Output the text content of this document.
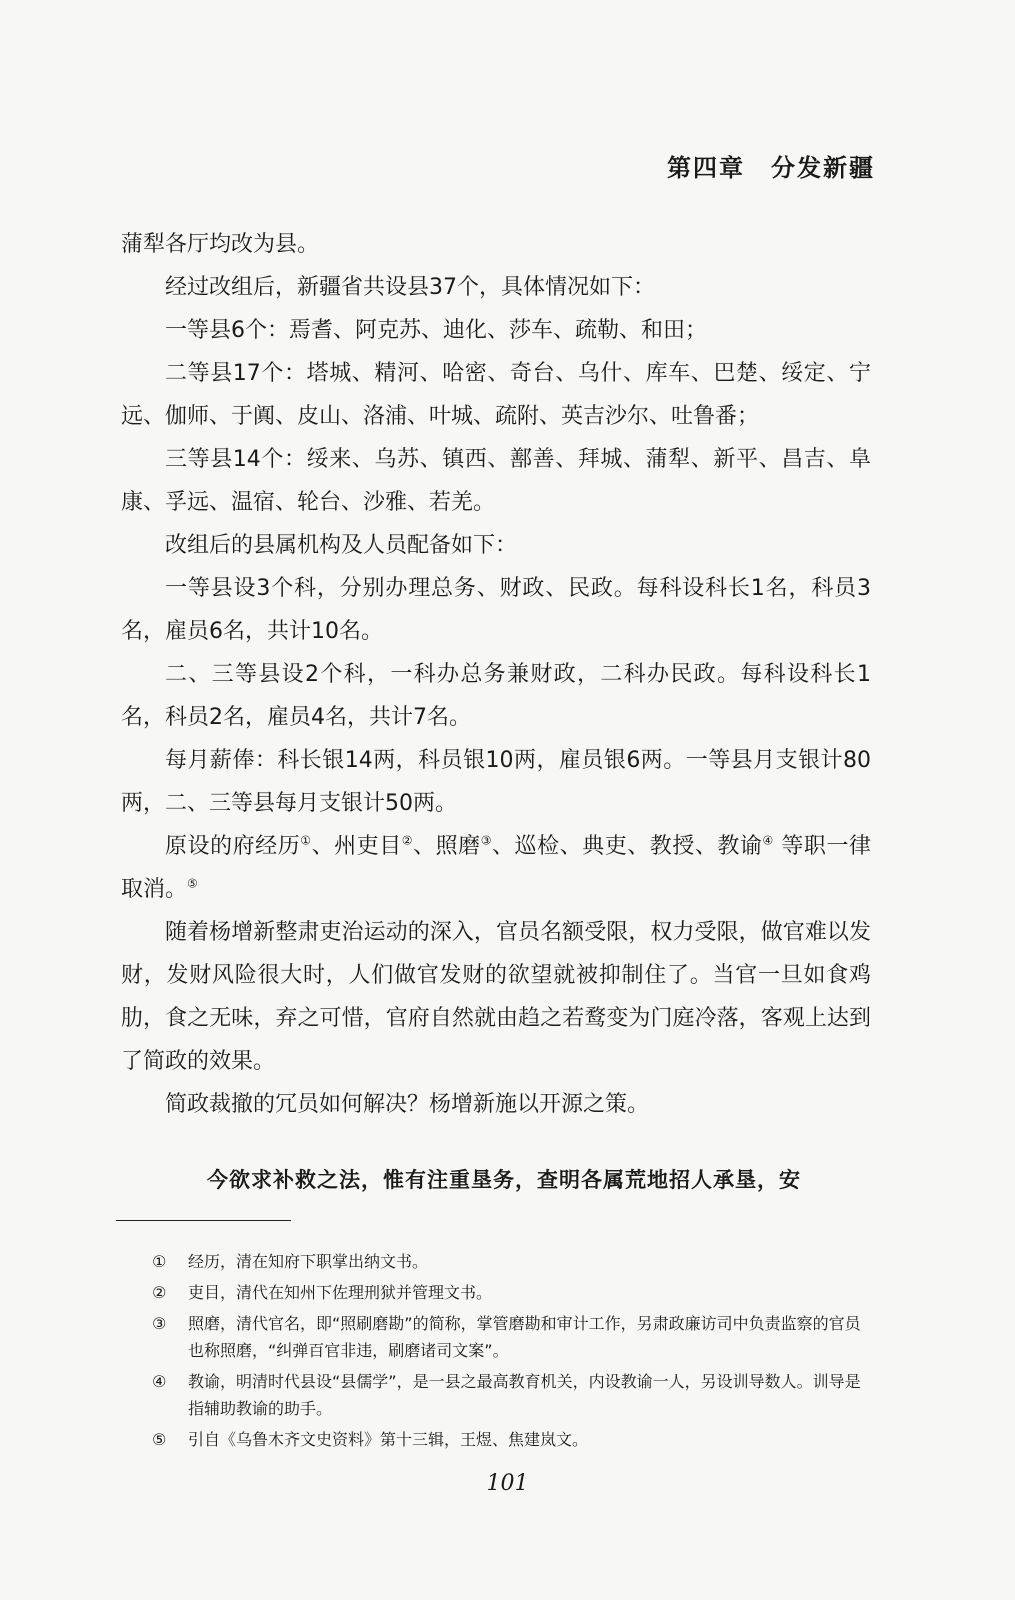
第四章 分发新疆

蒲犁各厅均改为县。

经过改组后，新疆省共设县37个，具体情况如下：

一等县6个：焉耆、阿克苏、迪化、莎车、疏勒、和田；

二等县17个：塔城、精河、哈密、奇台、乌什、库车、巴楚、绥定、宁远、伽师、于阗、皮山、洛浦、叶城、疏附、英吉沙尔、吐鲁番；

三等县14个：绥来、乌苏、镇西、鄯善、拜城、蒲犁、新平、昌吉、阜康、孚远、温宿、轮台、沙雅、若羌。

改组后的县属机构及人员配备如下：

一等县设3个科，分别办理总务、财政、民政。每科设科长1名，科员3名，雇员6名，共计10名。

二、三等县设2个科，一科办总务兼财政，二科办民政。每科设科长1名，科员2名，雇员4名，共计7名。

每月薪俸：科长银14两，科员银10两，雇员银6两。一等县月支银计80两，二、三等县每月支银计50两。

原设的府经历①、州吏目②、照磨③、巡检、典吏、教授、教谕④ 等职一律取消。⑤

随着杨增新整肃吏治运动的深入，官员名额受限，权力受限，做官难以发财，发财风险很大时，人们做官发财的欲望就被抑制住了。当官一旦如食鸡肋，食之无味，弃之可惜，官府自然就由趋之若鹜变为门庭冷落，客观上达到了简政的效果。

简政裁撤的冗员如何解决？杨增新施以开源之策。

今欲求补救之法，惟有注重垦务，查明各属荒地招人承垦，安
①	经历，清在知府下职掌出纳文书。
②	吏目，清代在知州下佐理刑狱并管理文书。
③	照磨，清代官名，即“照刷磨勘”的简称，掌管磨勘和审计工作，另肃政廉访司中负责监察的官员也称照磨，“纠弹百官非违，刷磨诸司文案”。
④	教谕，明清时代县设“县儒学”，是一县之最高教育机关，内设教谕一人，另设训导数人。训导是指辅助教谕的助手。
⑤	引自《乌鲁木齐文史资料》第十三辑，王煜、焦建岚文。
101
